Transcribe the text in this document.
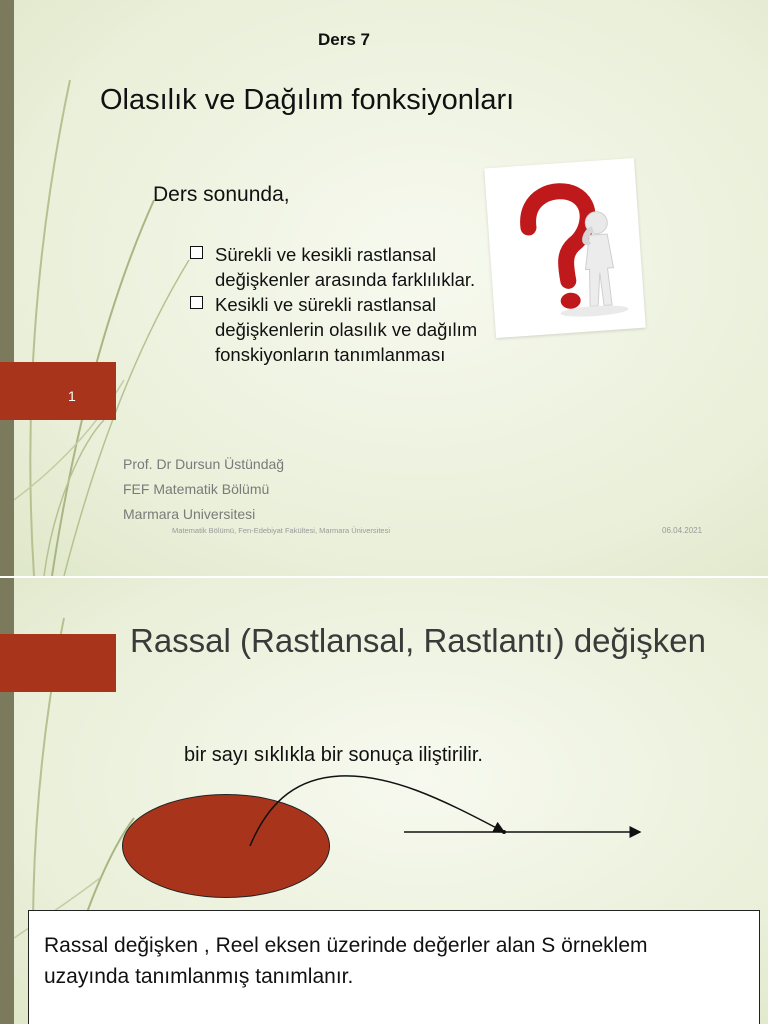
1

Ders 7

Olasılık ve Dağılım fonksiyonları

Ders sonunda,

Sürekli ve kesikli rastlansal değişkenler arasında farklılıklar.
Kesikli ve sürekli rastlansal değişkenlerin olasılık ve dağılım fonskiyonların tanımlanması

Prof. Dr Dursun Üstündağ

FEF Matematik Bölümü

Marmara Universitesi

Matematik Bölümü, Fen-Edebiyat Fakültesi, Marmara Üniversitesi	06.04.2021

Rassal (Rastlansal, Rastlantı) değişken

bir sayı sıklıkla bir sonuça iliştirilir.

Rassal değişken , Reel eksen üzerinde değerler alan S örneklem uzayında tanımlanmış tanımlanır.
